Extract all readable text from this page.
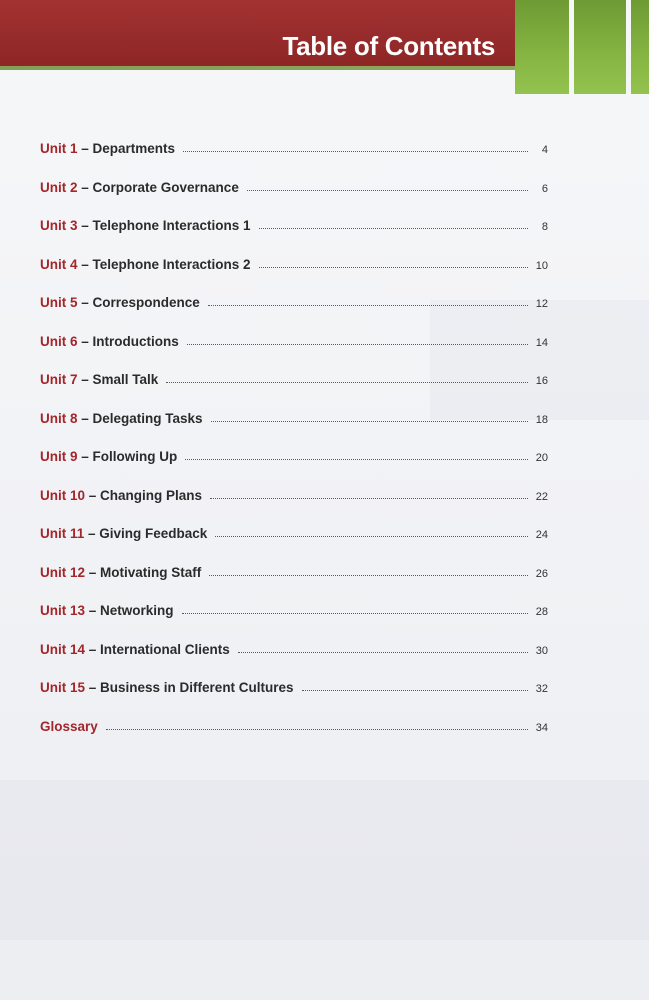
Table of Contents
Unit 1 – Departments	4
Unit 2 – Corporate Governance	6
Unit 3 – Telephone Interactions 1	8
Unit 4 – Telephone Interactions 2	10
Unit 5 – Correspondence	12
Unit 6 – Introductions	14
Unit 7 – Small Talk	16
Unit 8 – Delegating Tasks	18
Unit 9 – Following Up	20
Unit 10 – Changing Plans	22
Unit 11 – Giving Feedback	24
Unit 12 – Motivating Staff	26
Unit 13 – Networking	28
Unit 14 – International Clients	30
Unit 15 – Business in Different Cultures	32
Glossary	34
